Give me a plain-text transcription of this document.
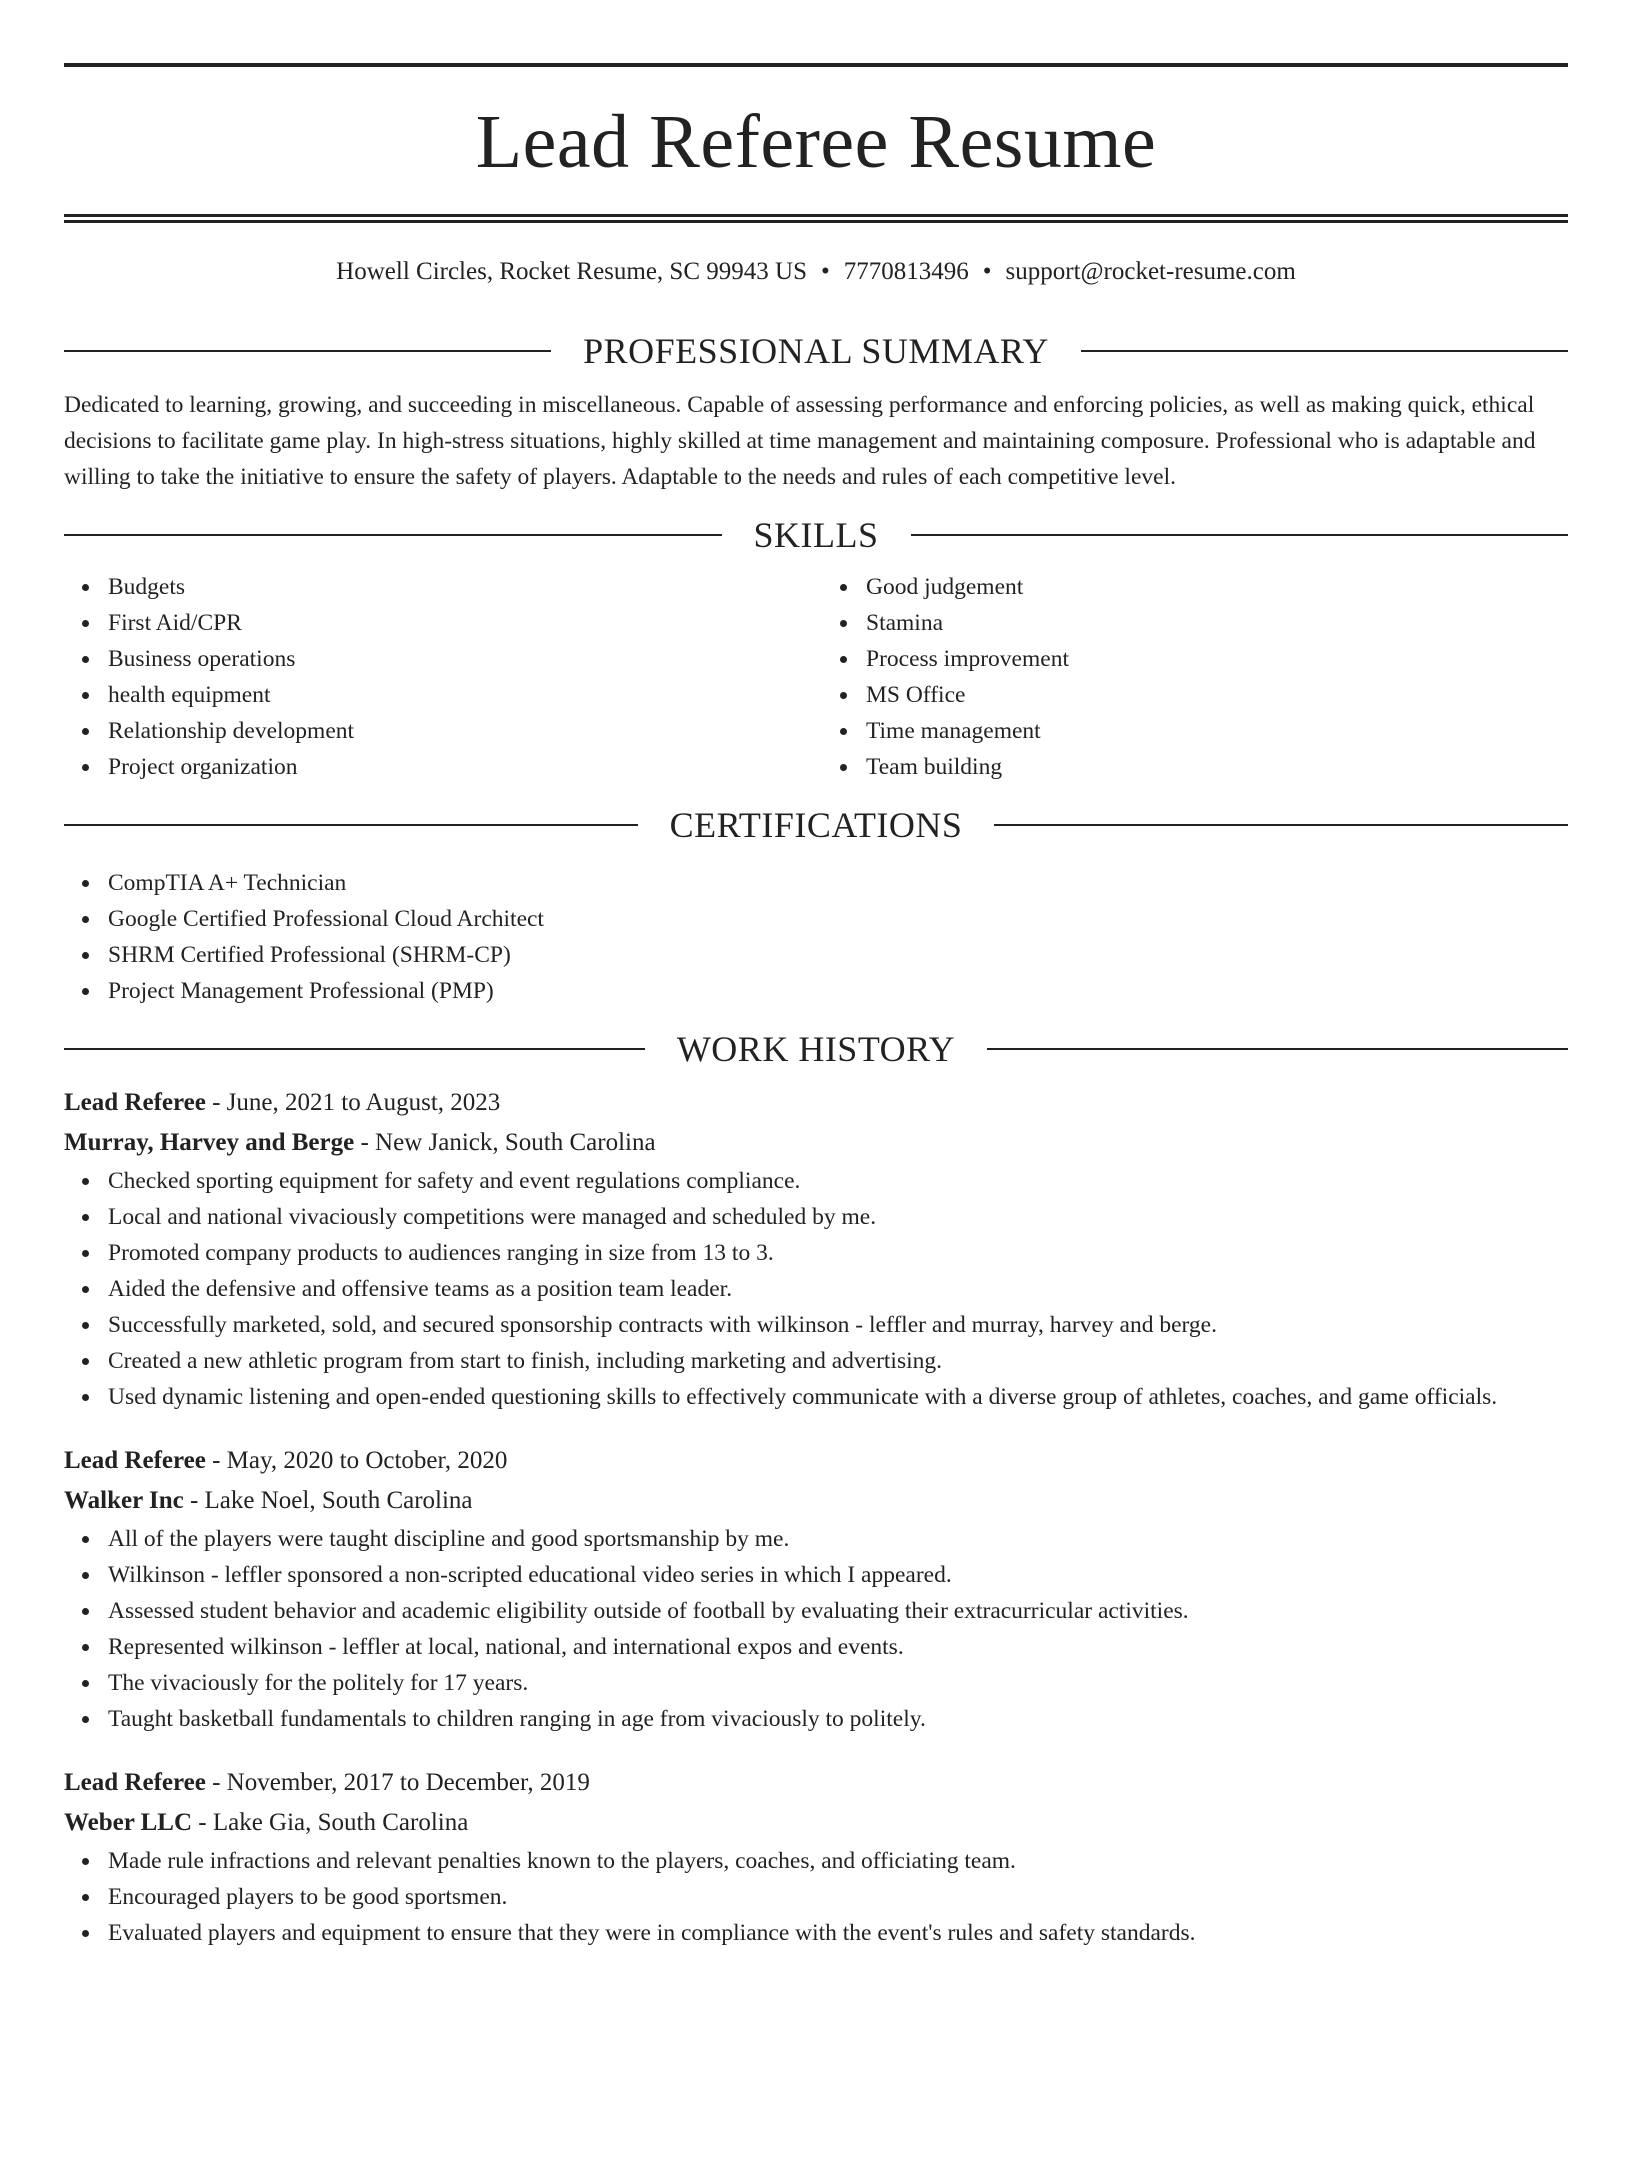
Lead Referee Resume
Howell Circles, Rocket Resume, SC 99943 US • 7770813496 • support@rocket-resume.com
PROFESSIONAL SUMMARY

Dedicated to learning, growing, and succeeding in miscellaneous. Capable of assessing performance and enforcing policies, as well as making quick, ethical decisions to facilitate game play. In high-stress situations, highly skilled at time management and maintaining composure. Professional who is adaptable and willing to take the initiative to ensure the safety of players. Adaptable to the needs and rules of each competitive level.

SKILLS
Budgets
First Aid/CPR
Business operations
health equipment
Relationship development
Project organization
Good judgement
Stamina
Process improvement
MS Office
Time management
Team building
CERTIFICATIONS
CompTIA A+ Technician
Google Certified Professional Cloud Architect
SHRM Certified Professional (SHRM-CP)
Project Management Professional (PMP)
WORK HISTORY
Lead Referee - June, 2021 to August, 2023
Murray, Harvey and Berge - New Janick, South Carolina
Checked sporting equipment for safety and event regulations compliance.
Local and national vivaciously competitions were managed and scheduled by me.
Promoted company products to audiences ranging in size from 13 to 3.
Aided the defensive and offensive teams as a position team leader.
Successfully marketed, sold, and secured sponsorship contracts with wilkinson - leffler and murray, harvey and berge.
Created a new athletic program from start to finish, including marketing and advertising.
Used dynamic listening and open-ended questioning skills to effectively communicate with a diverse group of athletes, coaches, and game officials.
Lead Referee - May, 2020 to October, 2020
Walker Inc - Lake Noel, South Carolina
All of the players were taught discipline and good sportsmanship by me.
Wilkinson - leffler sponsored a non-scripted educational video series in which I appeared.
Assessed student behavior and academic eligibility outside of football by evaluating their extracurricular activities.
Represented wilkinson - leffler at local, national, and international expos and events.
The vivaciously for the politely for 17 years.
Taught basketball fundamentals to children ranging in age from vivaciously to politely.
Lead Referee - November, 2017 to December, 2019
Weber LLC - Lake Gia, South Carolina
Made rule infractions and relevant penalties known to the players, coaches, and officiating team.
Encouraged players to be good sportsmen.
Evaluated players and equipment to ensure that they were in compliance with the event's rules and safety standards.
